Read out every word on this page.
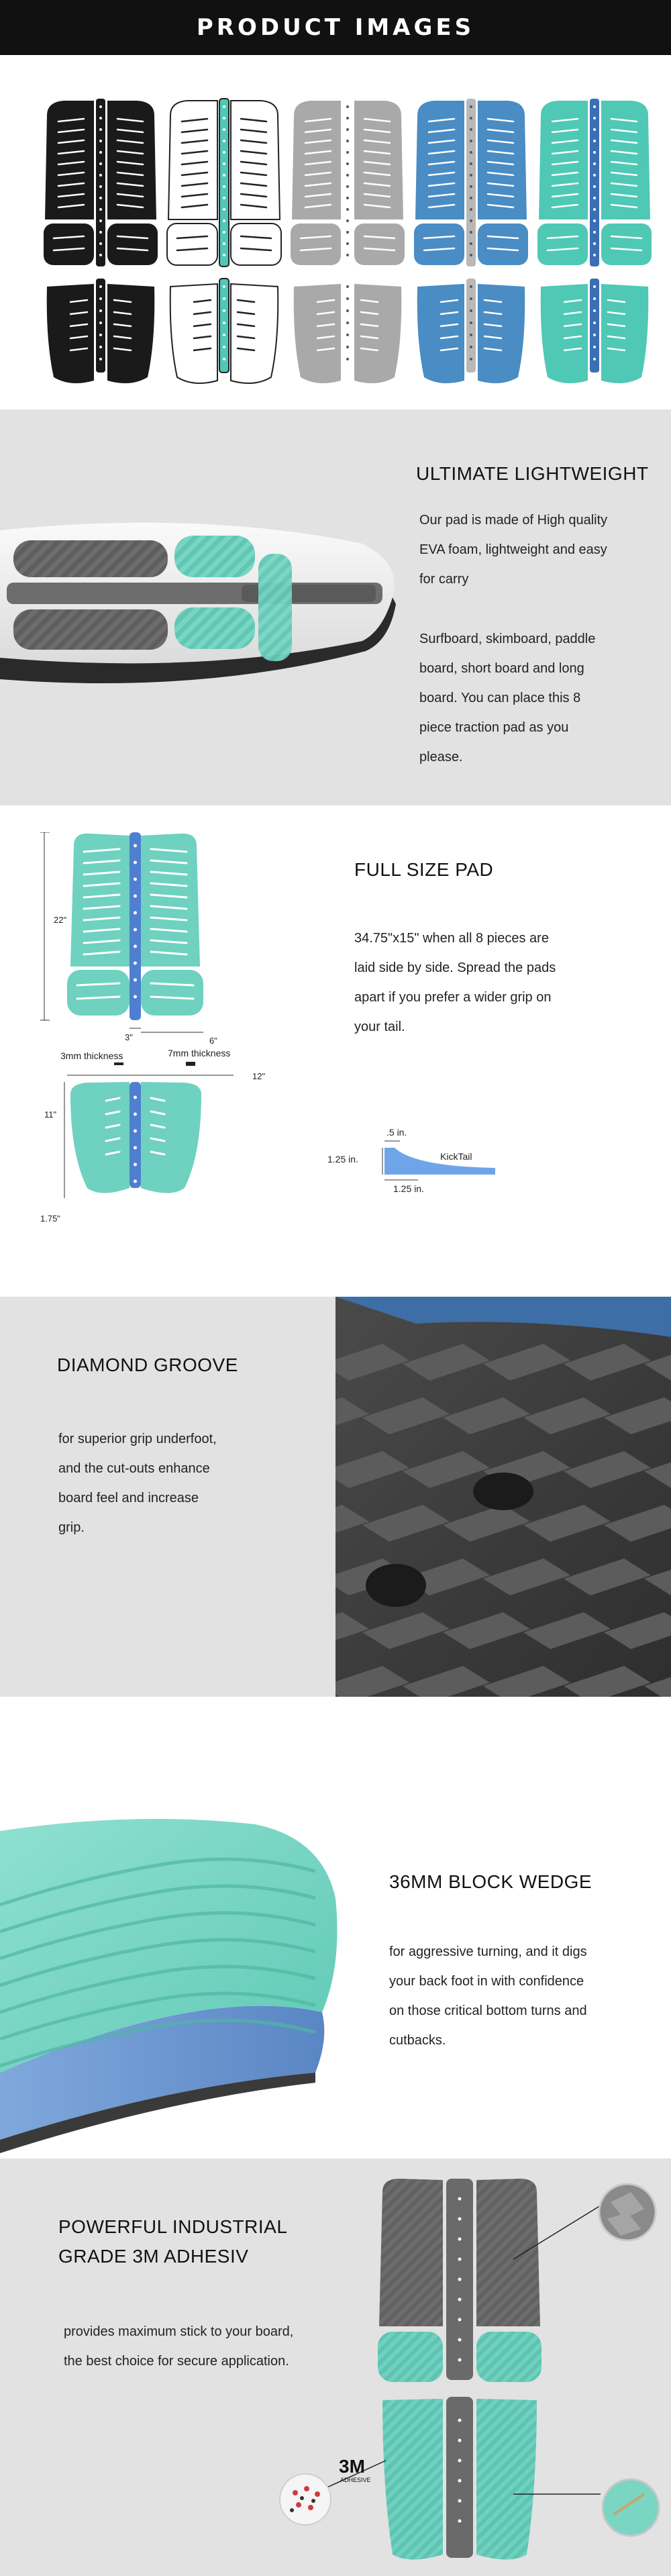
PRODUCT IMAGES
ULTIMATE LIGHTWEIGHT
Our pad is made of High quality
EVA foam, lightweight and easy
for carry
Surfboard, skimboard, paddle
board, short board and long
board. You can place this 8
piece traction pad as you
please.
22"
3"	6"
3mm thickness	7mm thickness
12"
11"
1.75"
FULL SIZE PAD
34.75"x15" when all 8 pieces are
laid side by side. Spread the pads
apart if you prefer a wider grip on
your tail.
.5 in.
1.25 in.
1.25 in.
KickTail
DIAMOND GROOVE
for superior grip underfoot,
and the cut-outs enhance
board feel and increase
grip.
36MM BLOCK WEDGE
for aggressive turning, and it digs
your back foot in with confidence
on those critical bottom turns and
cutbacks.
POWERFUL INDUSTRIAL
GRADE 3M ADHESIV
provides maximum stick to your board,
the best choice for secure application.
3M
ADHESIVE
